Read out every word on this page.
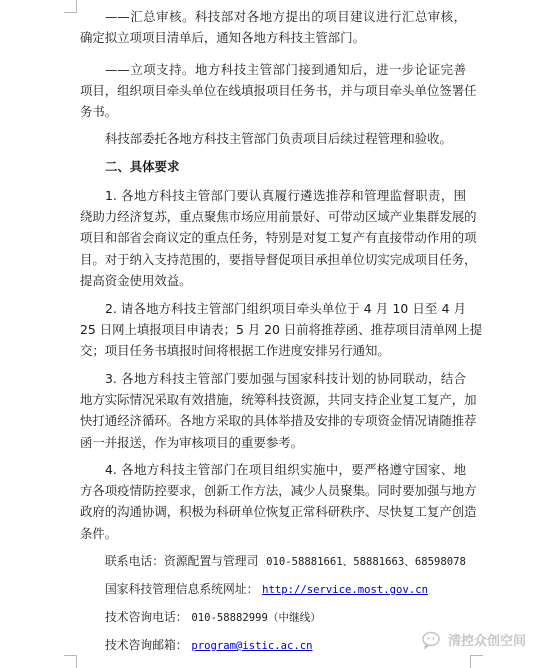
——汇总审核。科技部对各地方提出的项目建议进行汇总审核，
确定拟立项项目清单后，通知各地方科技主管部门。
——立项支持。地方科技主管部门接到通知后，进一步论证完善
项目，组织项目牵头单位在线填报项目任务书，并与项目牵头单位签署任
务书。
科技部委托各地方科技主管部门负责项目后续过程管理和验收。
二、具体要求
1. 各地方科技主管部门要认真履行遴选推荐和管理监督职责，围
绕助力经济复苏，重点聚焦市场应用前景好、可带动区域产业集群发展的
项目和部省会商议定的重点任务，特别是对复工复产有直接带动作用的项
目。对于纳入支持范围的，要指导督促项目承担单位切实完成项目任务，
提高资金使用效益。
2. 请各地方科技主管部门组织项目牵头单位于 4 月 10 日至 4 月
25 日网上填报项目申请表；5 月 20 日前将推荐函、推荐项目清单网上提
交；项目任务书填报时间将根据工作进度安排另行通知。
3. 各地方科技主管部门要加强与国家科技计划的协同联动，结合
地方实际情况采取有效措施，统筹科技资源，共同支持企业复工复产，加
快打通经济循环。各地方采取的具体举措及安排的专项资金情况请随推荐
函一并报送，作为审核项目的重要参考。
4. 各地方科技主管部门在项目组织实施中，要严格遵守国家、地
方各项疫情防控要求，创新工作方法，减少人员聚集。同时要加强与地方
政府的沟通协调，积极为科研单位恢复正常科研秩序、尽快复工复产创造
条件。
联系电话：资源配置与管理司 010-58881661、58881663、68598078
国家科技管理信息系统网址： http://service.most.gov.cn
技术咨询电话： 010-58882999（中继线）
技术咨询邮箱： program@istic.ac.cn	清控众创空间
